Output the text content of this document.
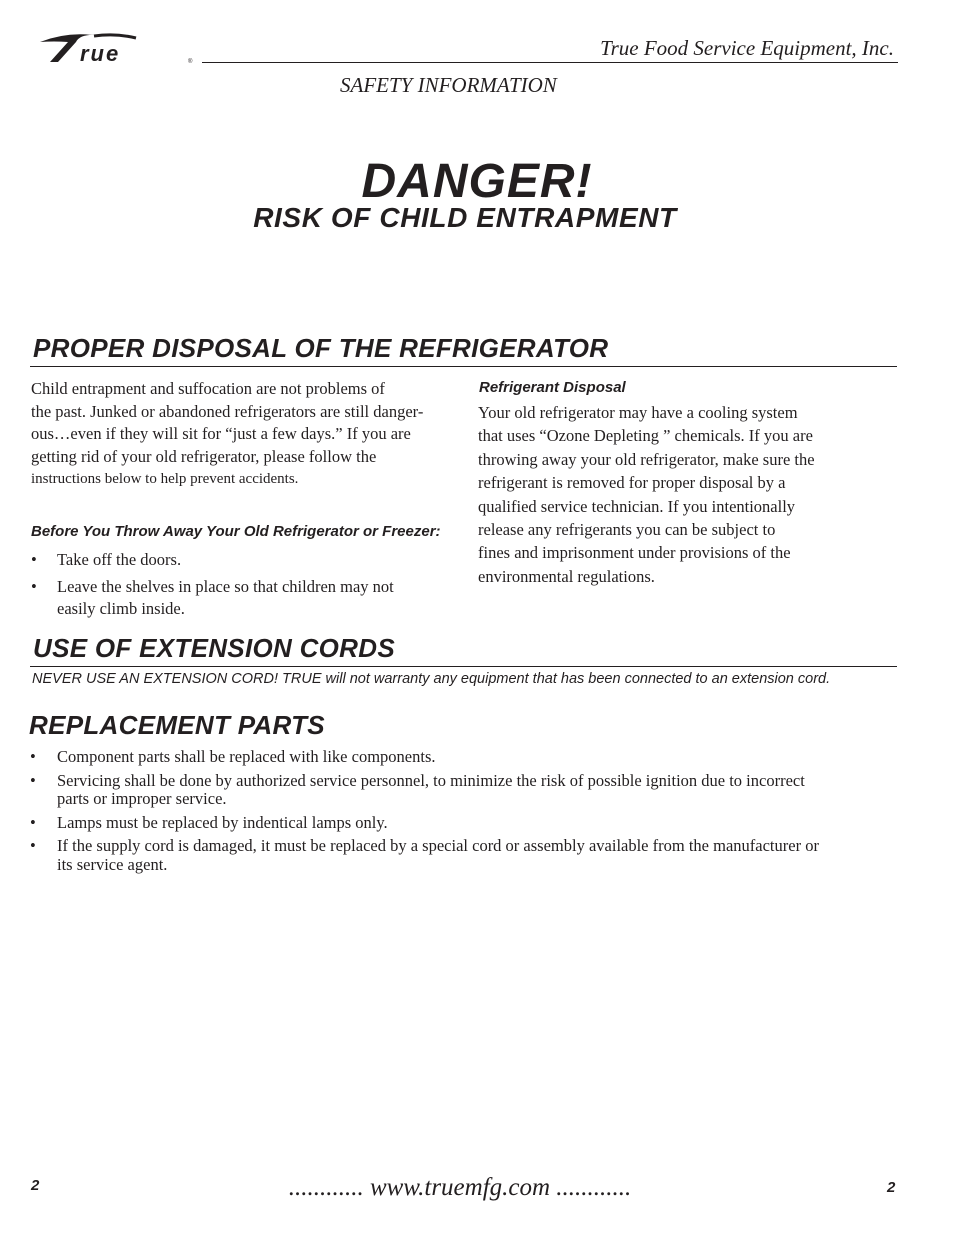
rue	®
True Food Service Equipment, Inc.
SAFETY INFORMATION
DANGER!
RISK OF CHILD ENTRAPMENT
PROPER DISPOSAL OF THE REFRIGERATOR
Child entrapment and suffocation are not problems of
the past. Junked or abandoned refrigerators are still danger-
ous…even if they will sit for “just a few days.” If you are
getting rid of your old refrigerator, please follow the
instructions below to help prevent accidents.
Before You Throw Away Your Old Refrigerator or Freezer:
•	Take off the doors.
•	Leave the shelves in place so that children may not
easily climb inside.
Refrigerant Disposal
Your old refrigerator may have a cooling system
that uses “Ozone Depleting ” chemicals. If you are
throwing away your old refrigerator, make sure the
refrigerant is removed for proper disposal by a
qualified service technician. If you intentionally
release any refrigerants you can be subject to
fines and imprisonment under provisions of the
environmental regulations.
USE OF EXTENSION CORDS
NEVER USE AN EXTENSION CORD! TRUE will not warranty any equipment that has been connected to an extension cord.
REPLACEMENT PARTS
•	Component parts shall be replaced with like components.
•	Servicing shall be done by authorized service personnel, to minimize the risk of possible ignition due to incorrect
parts or improper service.
•	Lamps must be replaced by indentical lamps only.
•	If the supply cord is damaged, it must be replaced by a special cord or assembly available from the manufacturer or
its service agent.
2	............ www.truemfg.com ............	2
